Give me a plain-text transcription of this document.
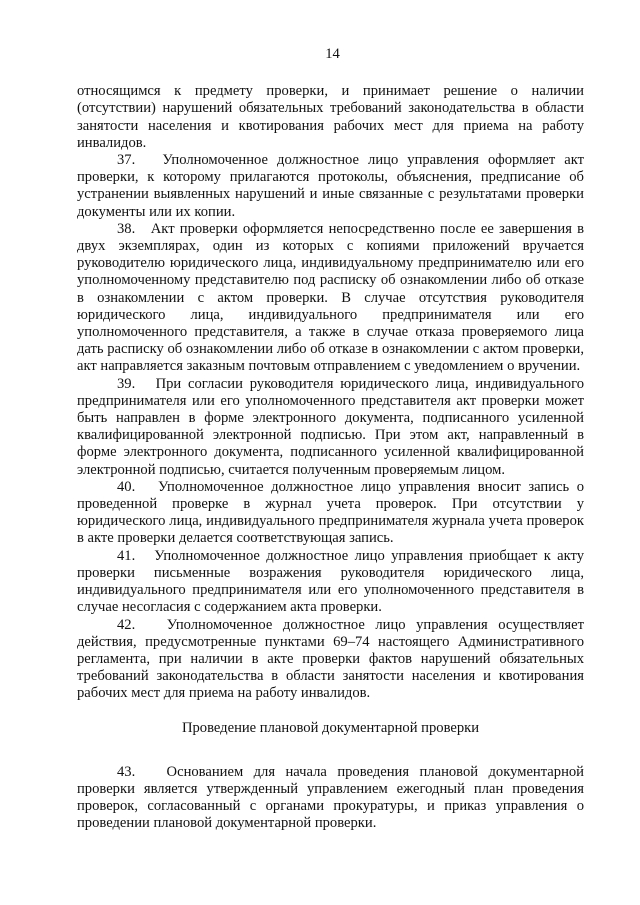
14

относящимся к предмету проверки, и принимает решение о наличии (отсутствии) нарушений обязательных требований законодательства в области занятости населения и квотирования рабочих мест для приема на работу инвалидов.

37.   Уполномоченное должностное лицо управления оформляет акт проверки, к которому прилагаются протоколы, объяснения, предписание об устранении выявленных нарушений и иные связанные с результатами проверки документы или их копии.

38.   Акт проверки оформляется непосредственно после ее завершения в двух экземплярах, один из которых с копиями приложений вручается руководителю юридического лица, индивидуальному предпринимателю или его уполномоченному представителю под расписку об ознакомлении либо об отказе в ознакомлении с актом проверки. В случае отсутствия руководителя юридического лица, индивидуального предпринимателя или его уполномоченного представителя, а также в случае отказа проверяемого лица дать расписку об ознакомлении либо об отказе в ознакомлении с актом проверки, акт направляется заказным почтовым отправлением с уведомлением о вручении.

39.   При согласии руководителя юридического лица, индивидуального предпринимателя или его уполномоченного представителя акт проверки может быть направлен в форме электронного документа, подписанного усиленной квалифицированной электронной подписью. При этом акт, направленный в форме электронного документа, подписанного усиленной квалифицированной электронной подписью, считается полученным проверяемым лицом.

40.   Уполномоченное должностное лицо управления вносит запись о проведенной проверке в журнал учета проверок. При отсутствии у юридического лица, индивидуального предпринимателя журнала учета проверок в акте проверки делается соответствующая запись.

41.   Уполномоченное должностное лицо управления приобщает к акту проверки письменные возражения руководителя юридического лица, индивидуального предпринимателя или его уполномоченного представителя в случае несогласия с содержанием акта проверки.

42.   Уполномоченное должностное лицо управления осуществляет действия, предусмотренные пунктами 69–74 настоящего Административного регламента, при наличии в акте проверки фактов нарушений обязательных требований законодательства в области занятости населения и квотирования рабочих мест для приема на работу инвалидов.

Проведение плановой документарной проверки

43.   Основанием для начала проведения плановой документарной проверки является утвержденный управлением ежегодный план проведения проверок, согласованный с органами прокуратуры, и приказ управления о проведении плановой документарной проверки.
